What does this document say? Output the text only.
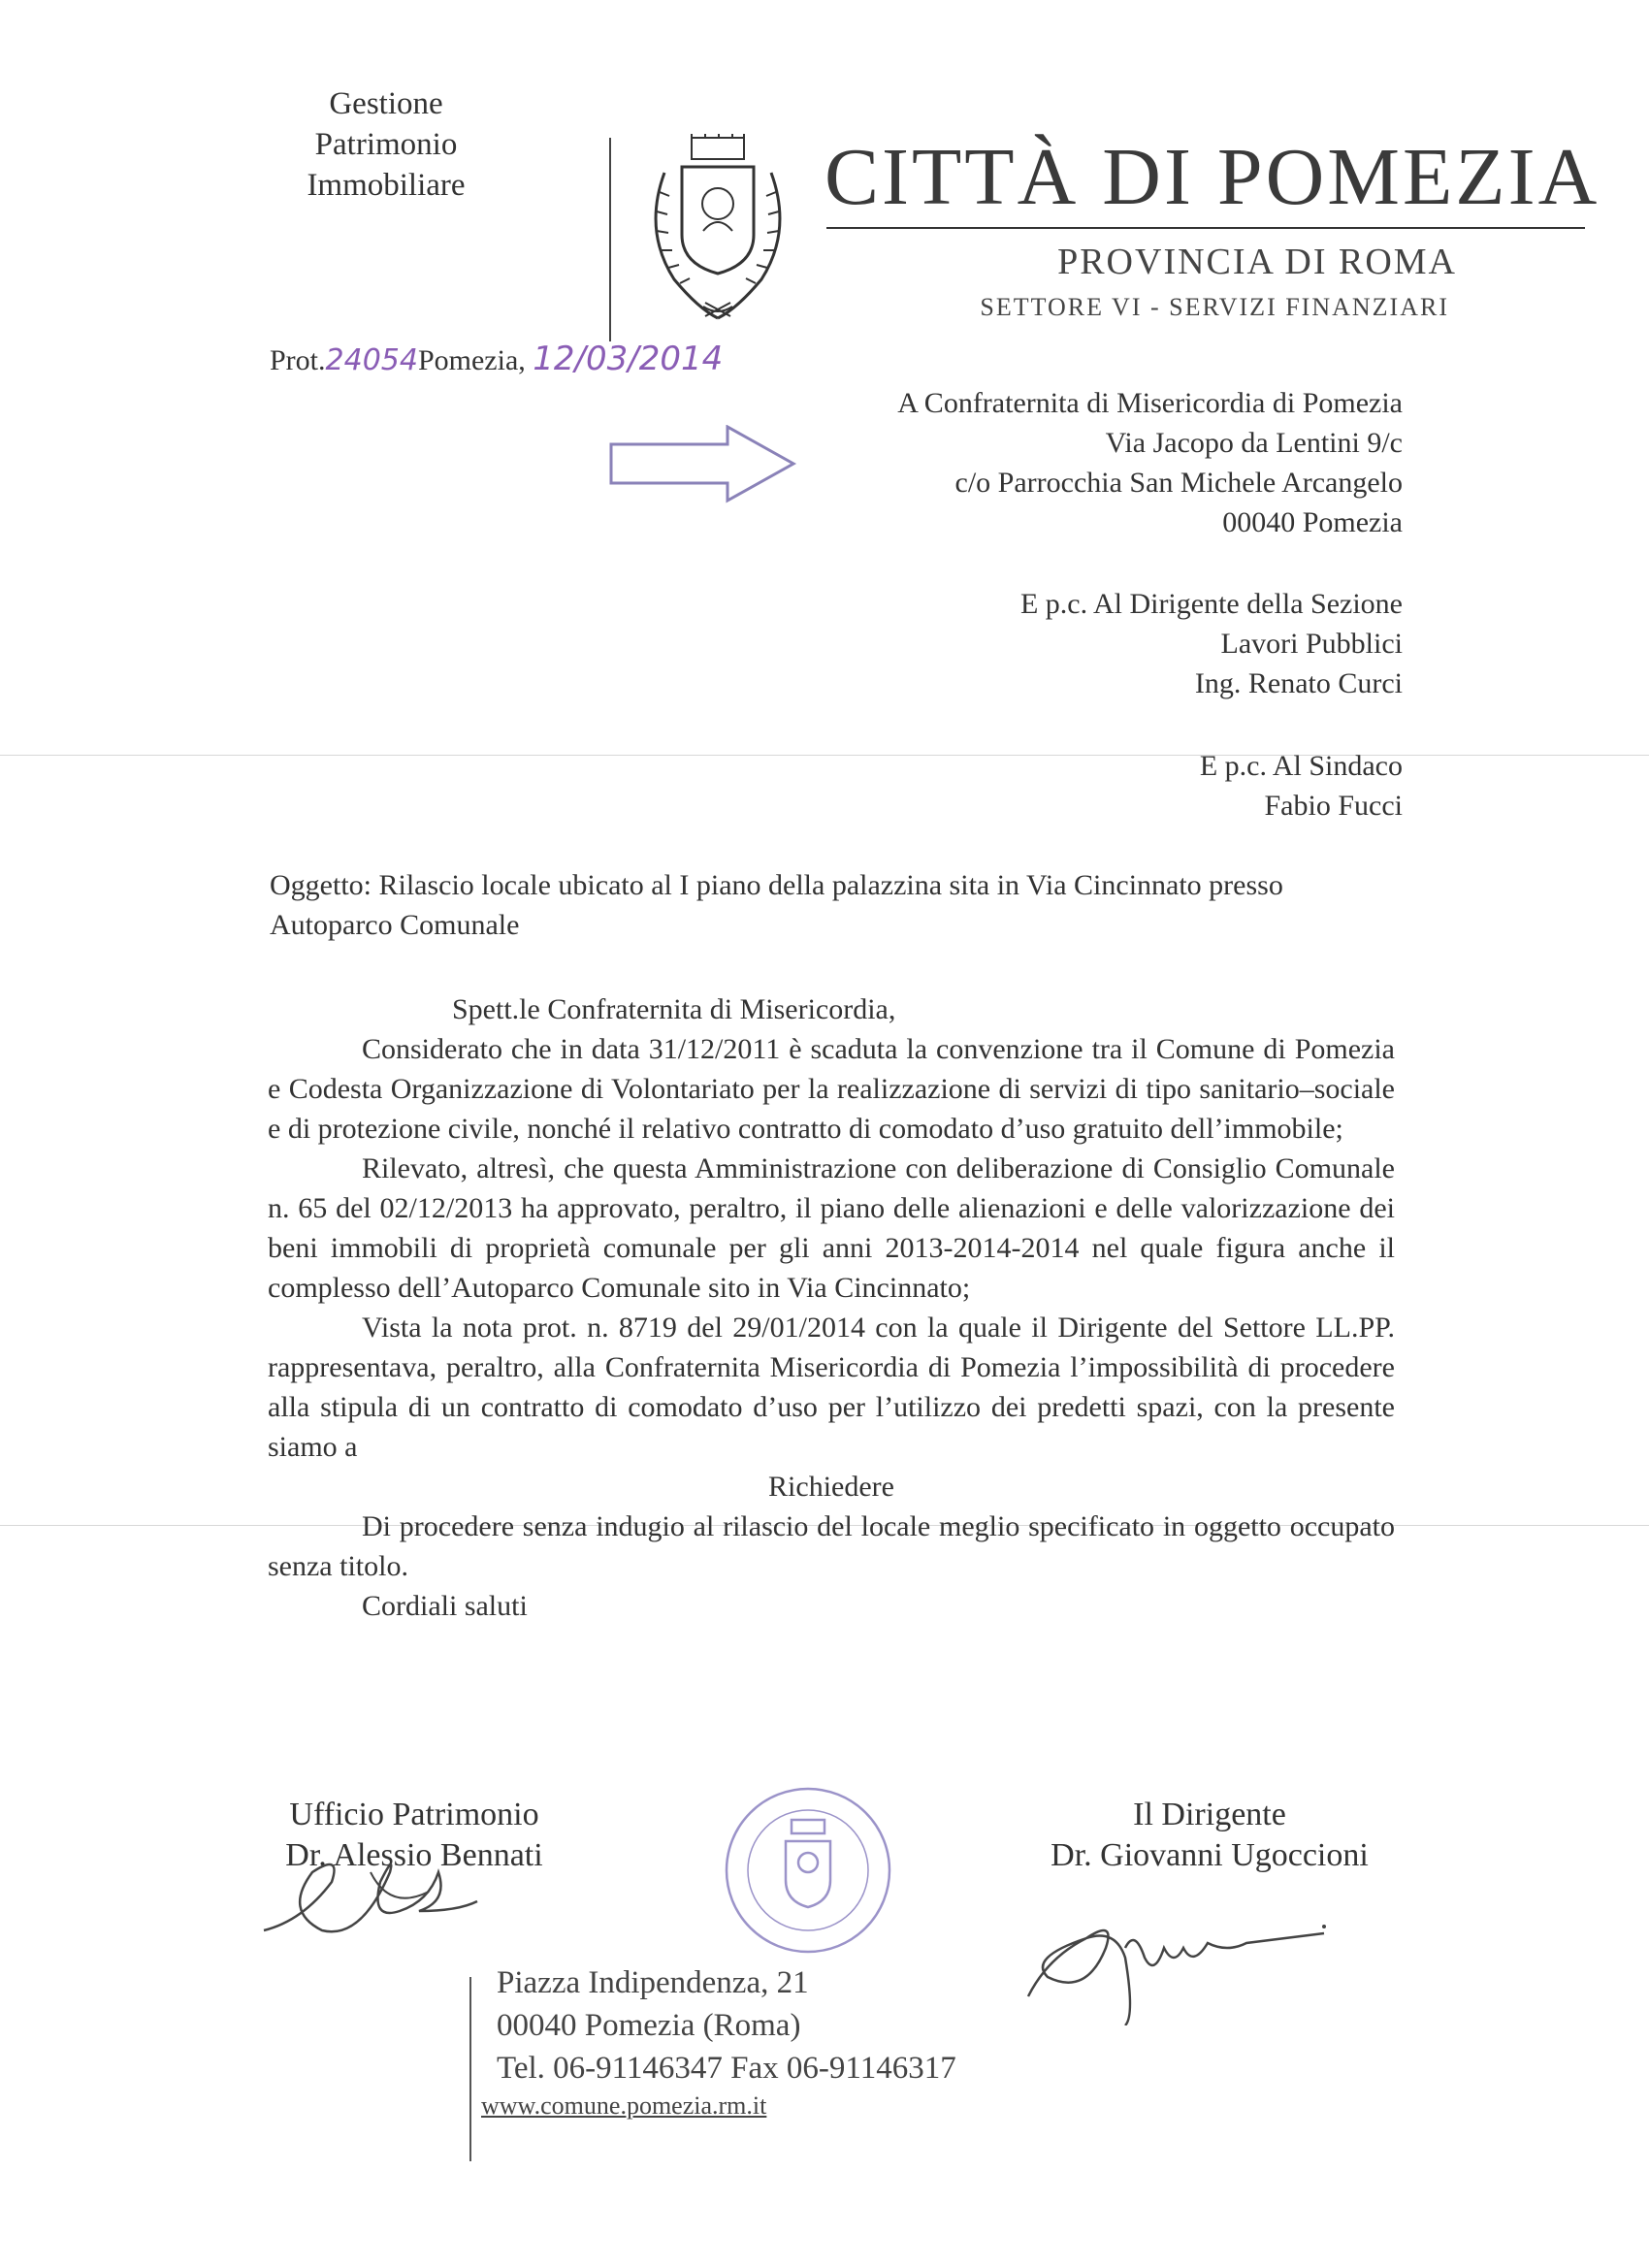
Gestione
Patrimonio
Immobiliare	CITTÀ DI POMEZIA
PROVINCIA DI ROMA
SETTORE VI - SERVIZI FINANZIARI
Prot.24054Pomezia, 12/03/2014
A Confraternita di Misericordia di Pomezia
Via Jacopo da Lentini 9/c
c/o Parrocchia San Michele Arcangelo
00040 Pomezia
E p.c. Al Dirigente della Sezione
Lavori Pubblici
Ing. Renato Curci
E p.c. Al Sindaco
Fabio Fucci
Oggetto: Rilascio locale ubicato al I piano della palazzina sita in Via Cincinnato presso Autoparco Comunale

Spett.le Confraternita di Misericordia,

Considerato che in data 31/12/2011 è scaduta la convenzione tra il Comune di Pomezia e Codesta Organizzazione di Volontariato per la realizzazione di servizi di tipo sanitario–sociale e di protezione civile, nonché il relativo contratto di comodato d’uso gratuito dell’immobile;

Rilevato, altresì, che questa Amministrazione con deliberazione di Consiglio Comunale n. 65 del 02/12/2013 ha approvato, peraltro, il piano delle alienazioni e delle valorizzazione dei beni immobili di proprietà comunale per gli anni 2013-2014-2014 nel quale figura anche il complesso dell’Autoparco Comunale sito in Via Cincinnato;

Vista la nota prot. n. 8719 del 29/01/2014 con la quale il Dirigente del Settore LL.PP. rappresentava, peraltro, alla Confraternita Misericordia di Pomezia l’impossibilità di procedere alla stipula di un contratto di comodato d’uso per l’utilizzo dei predetti spazi, con la presente siamo a

Richiedere

Di procedere senza indugio al rilascio del locale meglio specificato in oggetto occupato senza titolo.

Cordiali saluti

Ufficio Patrimonio
Dr. Alessio Bennati
Il Dirigente
Dr. Giovanni Ugoccioni
Piazza Indipendenza, 21
00040 Pomezia (Roma)
Tel. 06-91146347 Fax 06-91146317
www.comune.pomezia.rm.it
